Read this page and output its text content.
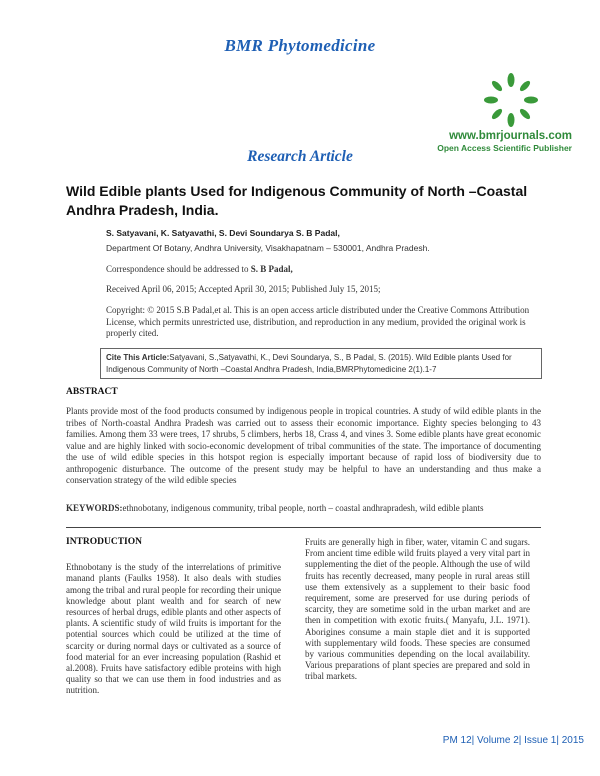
BMR Phytomedicine
www.bmrjournals.com
Open Access Scientific Publisher
Research Article
Wild Edible plants Used for Indigenous Community of North –Coastal Andhra Pradesh, India.
S. Satyavani, K. Satyavathi, S. Devi Soundarya S. B Padal,
Department Of Botany, Andhra University, Visakhapatnam – 530001, Andhra Pradesh.
Correspondence should be addressed to S. B Padal,
Received April 06, 2015; Accepted April 30, 2015; Published July 15, 2015;
Copyright: © 2015 S.B Padal,et al. This is an open access article distributed under the Creative Commons Attribution License, which permits unrestricted use, distribution, and reproduction in any medium, provided the original work is properly cited.
Cite This Article:Satyavani, S.,Satyavathi, K., Devi Soundarya, S., B Padal, S. (2015). Wild Edible plants Used for Indigenous Community of North –Coastal Andhra Pradesh, India,BMRPhytomedicine 2(1).1-7
ABSTRACT
Plants provide most of the food products consumed by indigenous people in tropical countries. A study of wild edible plants in the tribes of North-coastal Andhra Pradesh was carried out to assess their economic importance. Eighty species belonging to 43 families. Among them 33 were trees, 17 shrubs, 5 climbers, herbs 18, Crass 4, and vines 3. Some edible plants have great economic value and are highly linked with socio-economic development of tribal communities of the state. The importance of documenting the use of wild edible species in this hotspot region is especially important because of rapid loss of biodiversity due to anthropogenic disturbance. The outcome of the present study may be helpful to have an understanding and thus make a conservation strategy of the wild edible species
KEYWORDS:ethnobotany, indigenous community, tribal people, north – coastal andhrapradesh, wild edible plants
INTRODUCTION
Ethnobotany is the study of the interrelations of primitive manand plants (Faulks 1958). It also deals with studies among the tribal and rural people for recording their unique knowledge about plant wealth and for search of new resources of herbal drugs, edible plants and other aspects of plants. A scientific study of wild fruits is important for the potential sources which could be utilized at the time of scarcity or during normal days or cultivated as a source of food material for an ever increasing population (Rashid et al.2008). Fruits have satisfactory edible proteins with high quality so that we can use them in food industries and as nutrition.
Fruits are generally high in fiber, water, vitamin C and sugars. From ancient time edible wild fruits played a very vital part in supplementing the diet of the people. Although the use of wild fruits has recently decreased, many people in rural areas still use them extensively as a supplement to their basic food requirement, some are preserved for use during periods of scarcity, they are sometime sold in the urban market and are then in competition with exotic fruits.( Manyafu, J.L. 1971). Aborigines consume a main staple diet and it is supported with supplementary wild foods. These species are consumed by various communities depending on the local availability. Various preparations of plant species are prepared and sold in tribal markets.
PM 12| Volume 2| Issue 1| 2015
